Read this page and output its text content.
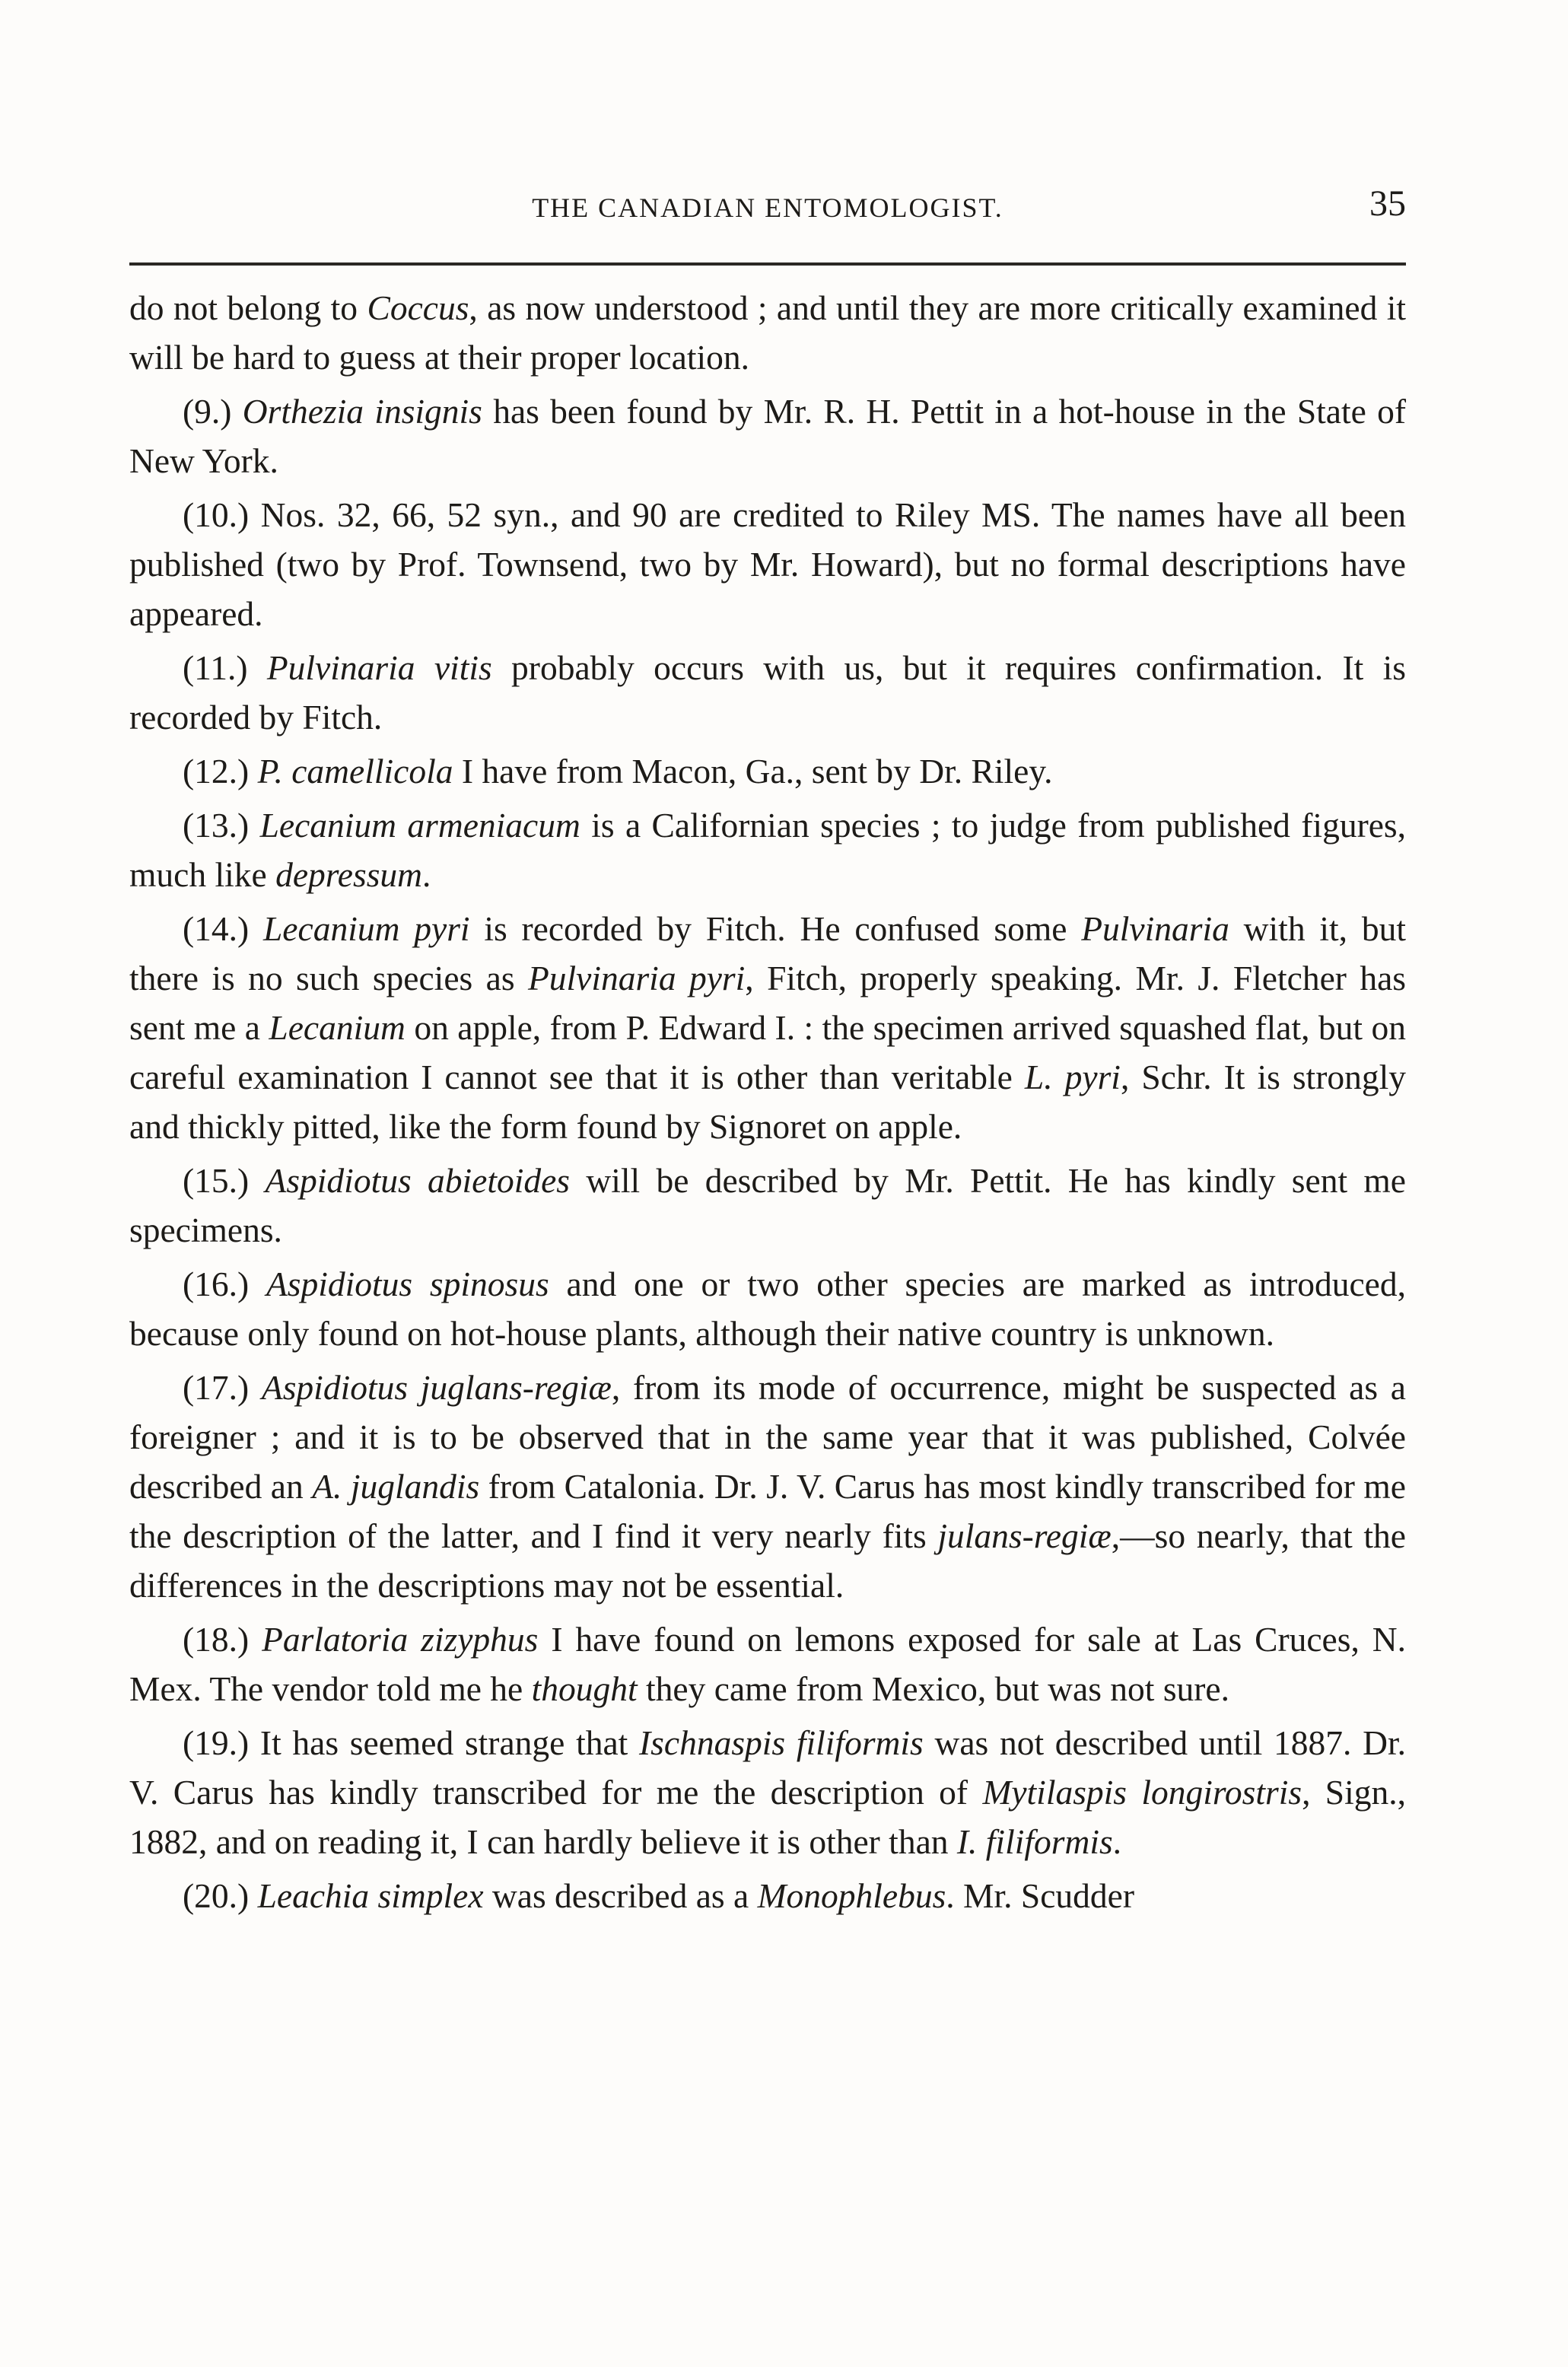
THE CANADIAN ENTOMOLOGIST.	35

do not belong to Coccus, as now understood ; and until they are more critically examined it will be hard to guess at their proper location.

(9.) Orthezia insignis has been found by Mr. R. H. Pettit in a hot-house in the State of New York.

(10.) Nos. 32, 66, 52 syn., and 90 are credited to Riley MS. The names have all been published (two by Prof. Townsend, two by Mr. Howard), but no formal descriptions have appeared.

(11.) Pulvinaria vitis probably occurs with us, but it requires confirmation. It is recorded by Fitch.

(12.) P. camellicola I have from Macon, Ga., sent by Dr. Riley.

(13.) Lecanium armeniacum is a Californian species ; to judge from published figures, much like depressum.

(14.) Lecanium pyri is recorded by Fitch. He confused some Pulvinaria with it, but there is no such species as Pulvinaria pyri, Fitch, properly speaking. Mr. J. Fletcher has sent me a Lecanium on apple, from P. Edward I. : the specimen arrived squashed flat, but on careful examination I cannot see that it is other than veritable L. pyri, Schr. It is strongly and thickly pitted, like the form found by Signoret on apple.

(15.) Aspidiotus abietoides will be described by Mr. Pettit. He has kindly sent me specimens.

(16.) Aspidiotus spinosus and one or two other species are marked as introduced, because only found on hot-house plants, although their native country is unknown.

(17.) Aspidiotus juglans-regiæ, from its mode of occurrence, might be suspected as a foreigner ; and it is to be observed that in the same year that it was published, Colvée described an A. juglandis from Catalonia. Dr. J. V. Carus has most kindly transcribed for me the description of the latter, and I find it very nearly fits julans-regiæ,—so nearly, that the differences in the descriptions may not be essential.

(18.) Parlatoria zizyphus I have found on lemons exposed for sale at Las Cruces, N. Mex. The vendor told me he thought they came from Mexico, but was not sure.

(19.) It has seemed strange that Ischnaspis filiformis was not described until 1887. Dr. V. Carus has kindly transcribed for me the description of Mytilaspis longirostris, Sign., 1882, and on reading it, I can hardly believe it is other than I. filiformis.

(20.) Leachia simplex was described as a Monophlebus. Mr. Scudder
